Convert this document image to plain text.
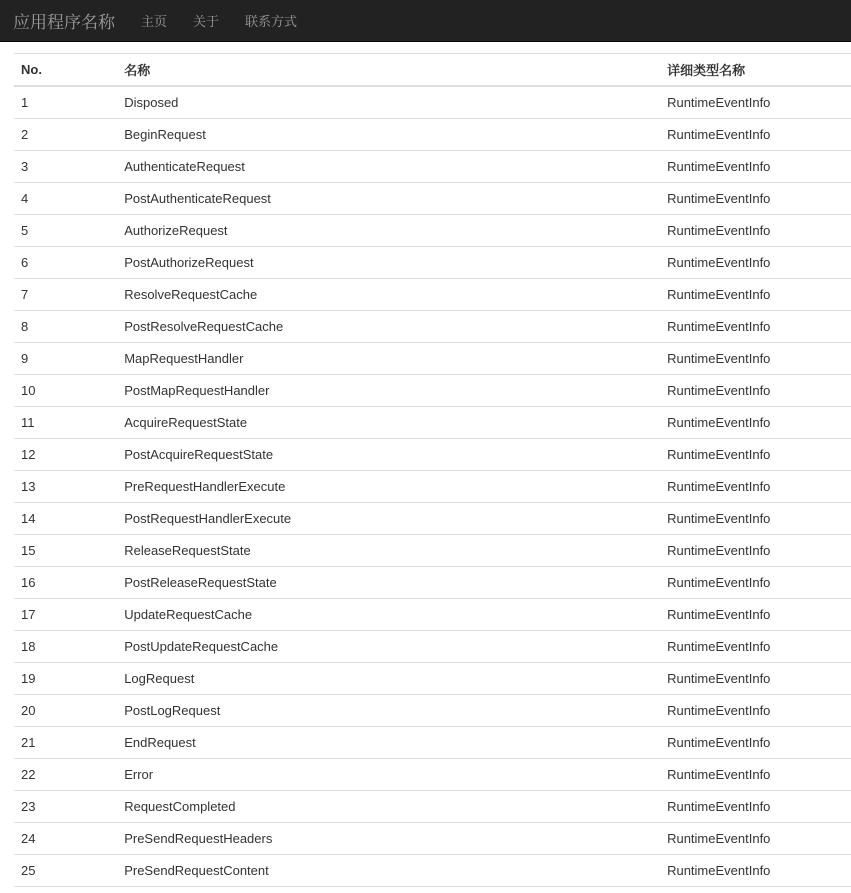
应用程序名称	主页	关于	联系方式
No.	名称	详细类型名称
1	Disposed	RuntimeEventInfo
2	BeginRequest	RuntimeEventInfo
3	AuthenticateRequest	RuntimeEventInfo
4	PostAuthenticateRequest	RuntimeEventInfo
5	AuthorizeRequest	RuntimeEventInfo
6	PostAuthorizeRequest	RuntimeEventInfo
7	ResolveRequestCache	RuntimeEventInfo
8	PostResolveRequestCache	RuntimeEventInfo
9	MapRequestHandler	RuntimeEventInfo
10	PostMapRequestHandler	RuntimeEventInfo
11	AcquireRequestState	RuntimeEventInfo
12	PostAcquireRequestState	RuntimeEventInfo
13	PreRequestHandlerExecute	RuntimeEventInfo
14	PostRequestHandlerExecute	RuntimeEventInfo
15	ReleaseRequestState	RuntimeEventInfo
16	PostReleaseRequestState	RuntimeEventInfo
17	UpdateRequestCache	RuntimeEventInfo
18	PostUpdateRequestCache	RuntimeEventInfo
19	LogRequest	RuntimeEventInfo
20	PostLogRequest	RuntimeEventInfo
21	EndRequest	RuntimeEventInfo
22	Error	RuntimeEventInfo
23	RequestCompleted	RuntimeEventInfo
24	PreSendRequestHeaders	RuntimeEventInfo
25	PreSendRequestContent	RuntimeEventInfo
